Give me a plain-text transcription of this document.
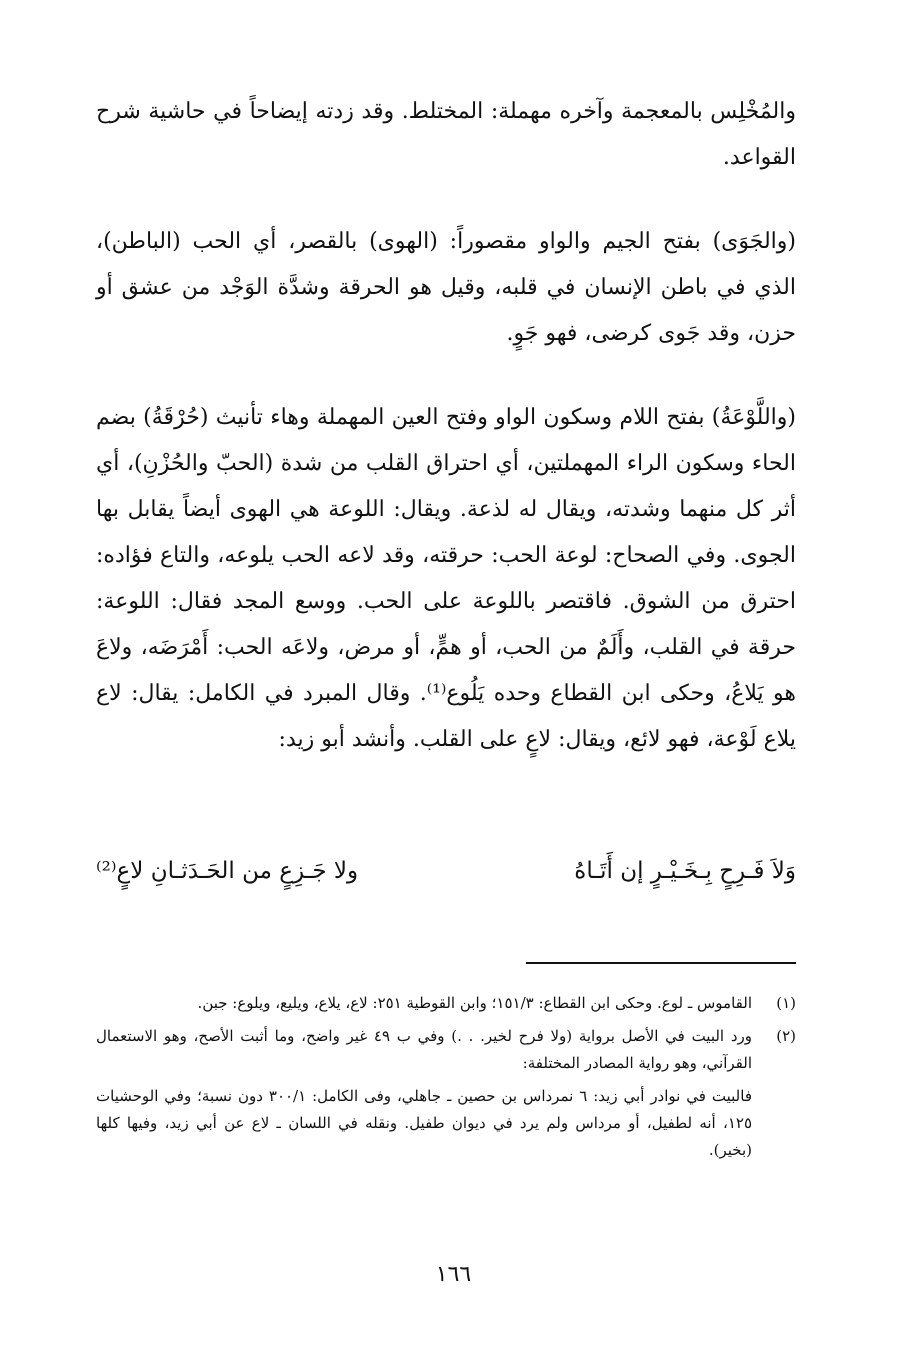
والمُخْلِس بالمعجمة وآخره مهملة: المختلط. وقد زدته إيضاحاً في حاشية شرح القواعد.

(والجَوَى) بفتح الجيم والواو مقصوراً: (الهوى) بالقصر، أي الحب (الباطن)، الذي في باطن الإنسان في قلبه، وقيل هو الحرقة وشدَّة الوَجْد من عشق أو حزن، وقد جَوى كرضى، فهو جَوٍ.

(واللَّوْعَةُ) بفتح اللام وسكون الواو وفتح العين المهملة وهاء تأنيث (حُرْقَةُ) بضم الحاء وسكون الراء المهملتين، أي احتراق القلب من شدة (الحبّ والحُزْنِ)، أي أثر كل منهما وشدته، ويقال له لذعة. ويقال: اللوعة هي الهوى أيضاً يقابل بها الجوى. وفي الصحاح: لوعة الحب: حرقته، وقد لاعه الحب يلوعه، والتاع فؤاده: احترق من الشوق. فاقتصر باللوعة على الحب. ووسع المجد فقال: اللوعة: حرقة في القلب، وأَلَمٌ من الحب، أو همٍّ، أو مرض، ولاعَه الحب: أَمْرَضَه، ولاعَ هو يَلاعُ، وحكى ابن القطاع وحده يَلُوع⁽¹⁾. وقال المبرد في الكامل: يقال: لاع يلاع لَوْعة، فهو لائع، ويقال: لاعٍ على القلب. وأنشد أبو زيد:

وَلاَ فَـرِحٍ بِـخَـيْـرٍ إن أَتَـاهُ
ولا جَـزِعٍ من الحَـدَثـانِ لاعٍ⁽²⁾
(١)
القاموس ـ لوع. وحكى ابن القطاع: ١٥١/٣؛ وابن القوطية ٢٥١: لاع، يلاع، ويليع، ويلوع: جبن.
(٢)
ورد البيت في الأصل برواية (ولا فرح لخير. . .) وفي ب ٤٩ غير واضح، وما أثبت الأصح، وهو الاستعمال القرآني، وهو رواية المصادر المختلفة:
فالبيت في نوادر أبي زيد: ٦ نمرداس بن حصين ـ جاهلي، وفى الكامل: ٣٠٠/١ دون نسبة؛ وفي الوحشيات ١٢٥، أنه لطفيل، أو مرداس ولم يرد في ديوان طفيل. ونقله في اللسان ـ لاع عن أبي زيد، وفيها كلها (بخير).
١٦٦
